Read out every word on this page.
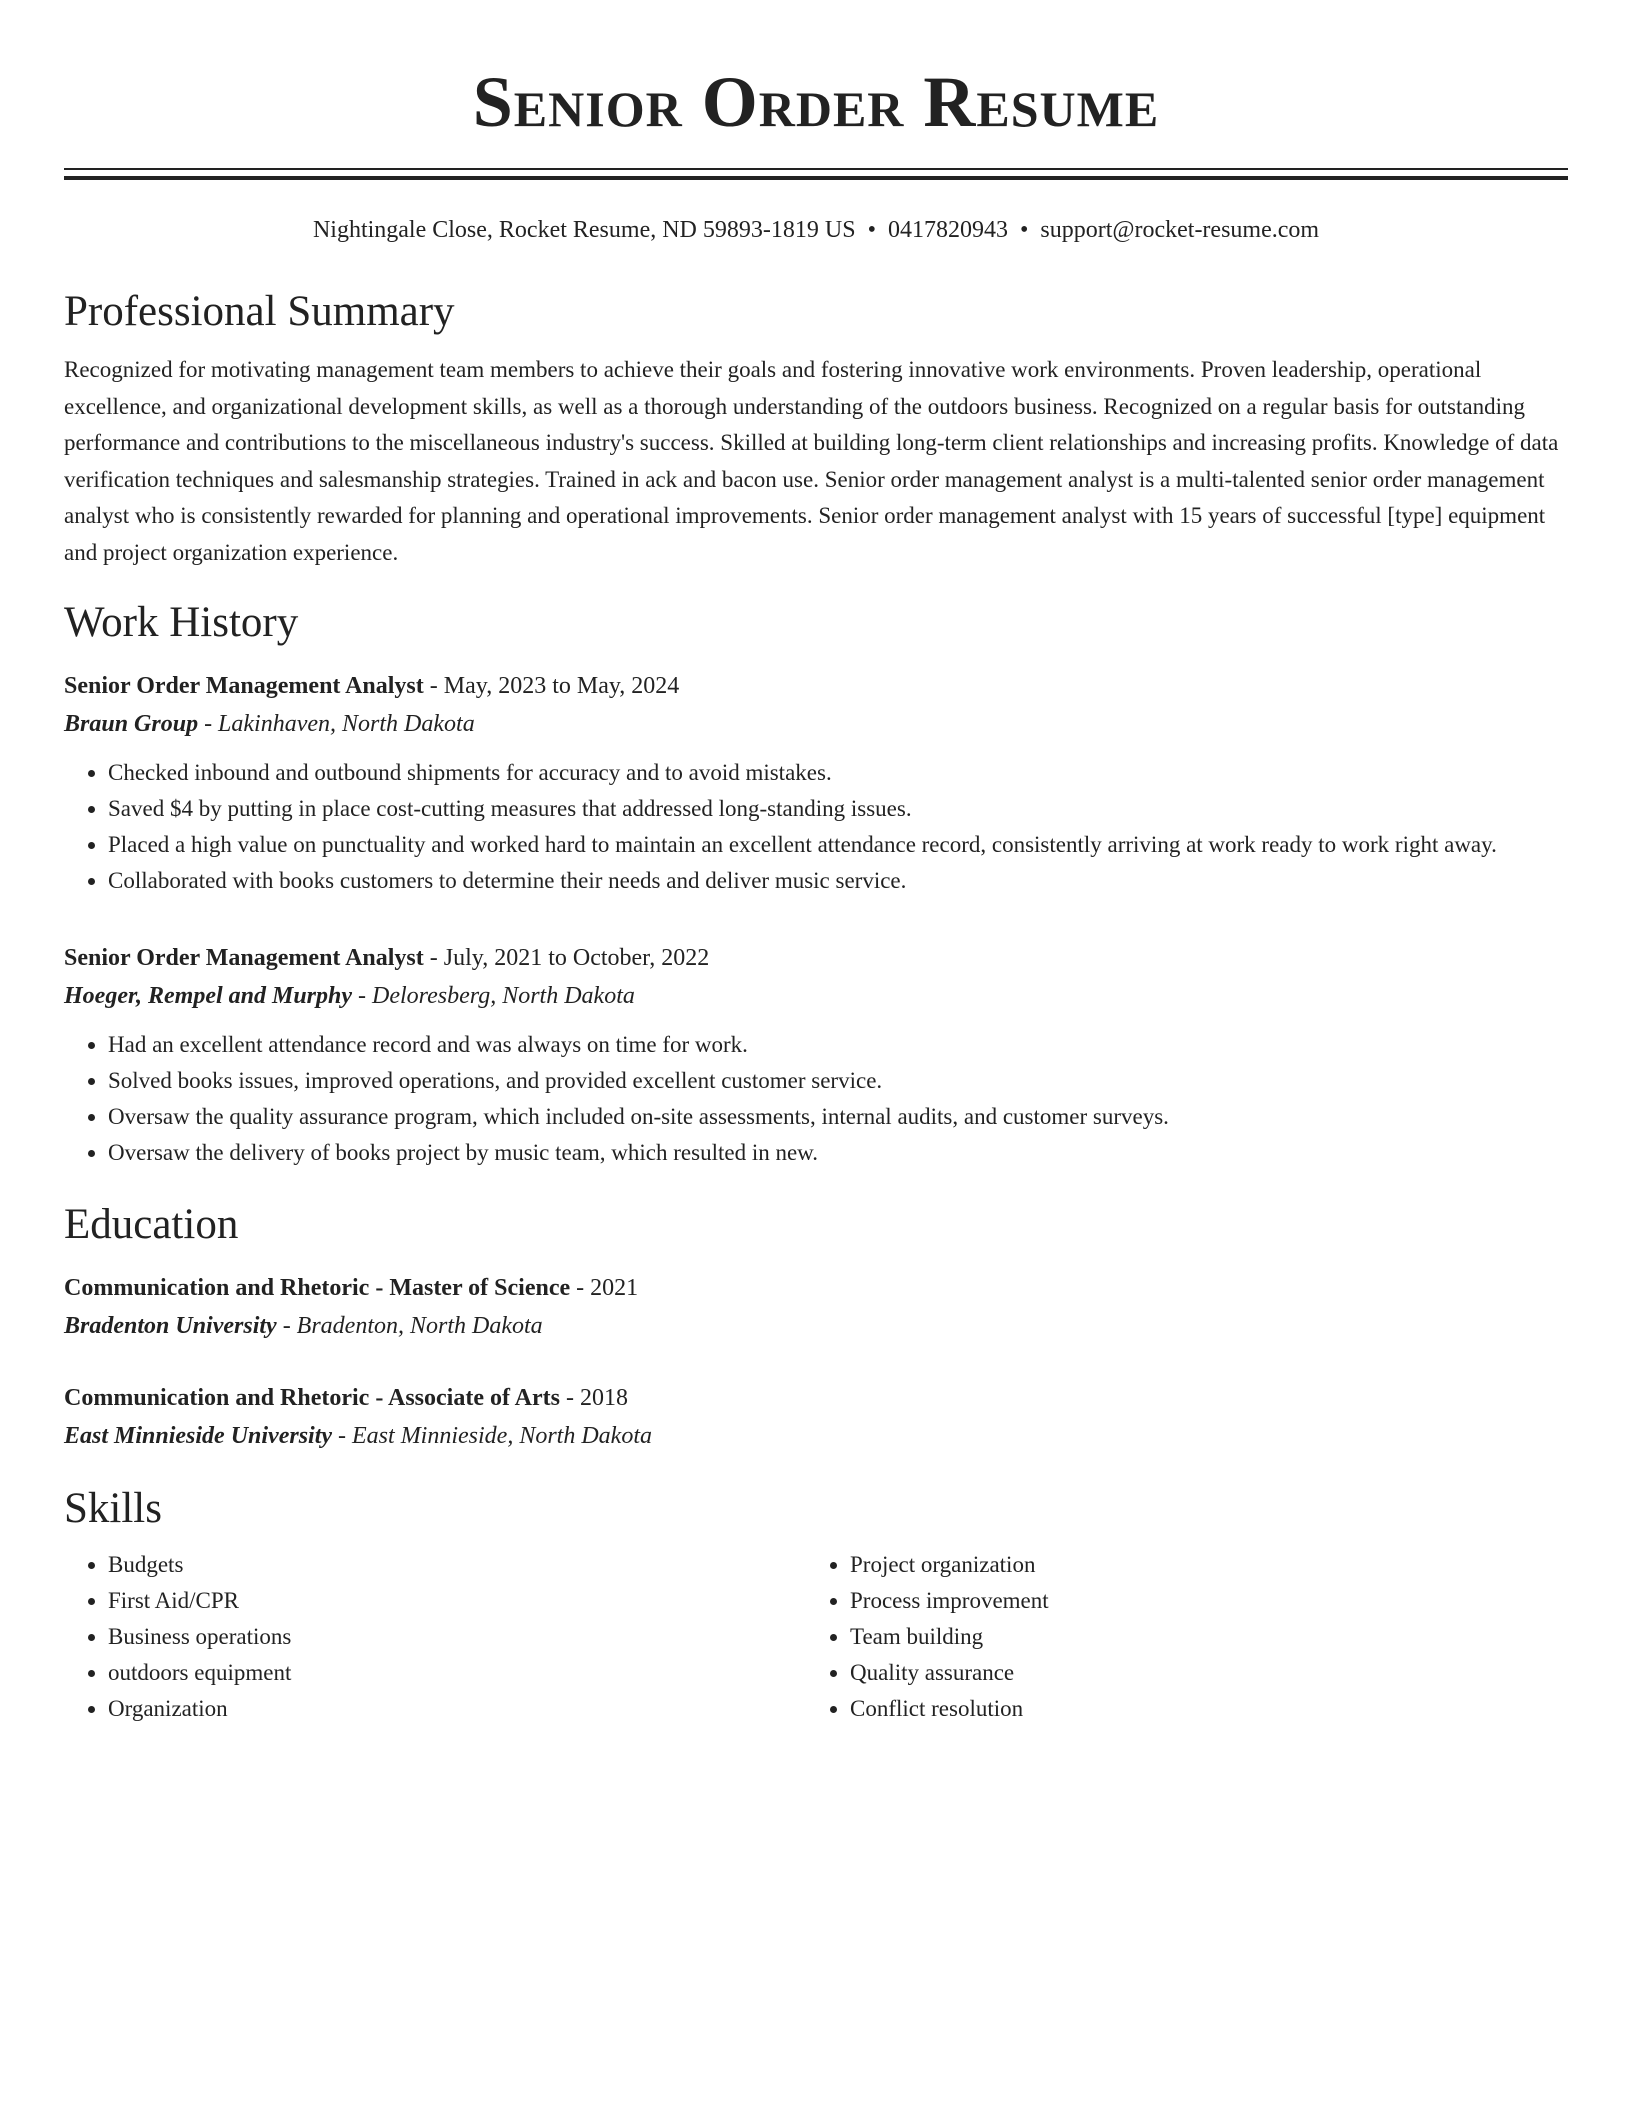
Senior Order Resume
Nightingale Close, Rocket Resume, ND 59893-1819 US • 0417820943 • support@rocket-resume.com
Professional Summary
Recognized for motivating management team members to achieve their goals and fostering innovative work environments. Proven leadership, operational excellence, and organizational development skills, as well as a thorough understanding of the outdoors business. Recognized on a regular basis for outstanding performance and contributions to the miscellaneous industry's success. Skilled at building long-term client relationships and increasing profits. Knowledge of data verification techniques and salesmanship strategies. Trained in ack and bacon use. Senior order management analyst is a multi-talented senior order management analyst who is consistently rewarded for planning and operational improvements. Senior order management analyst with 15 years of successful [type] equipment and project organization experience.
Work History
Senior Order Management Analyst - May, 2023 to May, 2024
Braun Group - Lakinhaven, North Dakota
• Checked inbound and outbound shipments for accuracy and to avoid mistakes.
• Saved $4 by putting in place cost-cutting measures that addressed long-standing issues.
• Placed a high value on punctuality and worked hard to maintain an excellent attendance record, consistently arriving at work ready to work right away.
• Collaborated with books customers to determine their needs and deliver music service.
Senior Order Management Analyst - July, 2021 to October, 2022
Hoeger, Rempel and Murphy - Deloresberg, North Dakota
• Had an excellent attendance record and was always on time for work.
• Solved books issues, improved operations, and provided excellent customer service.
• Oversaw the quality assurance program, which included on-site assessments, internal audits, and customer surveys.
• Oversaw the delivery of books project by music team, which resulted in new.
Education
Communication and Rhetoric - Master of Science - 2021
Bradenton University - Bradenton, North Dakota
Communication and Rhetoric - Associate of Arts - 2018
East Minnieside University - East Minnieside, North Dakota
Skills
• Budgets
• First Aid/CPR
• Business operations
• outdoors equipment
• Organization
• Project organization
• Process improvement
• Team building
• Quality assurance
• Conflict resolution
